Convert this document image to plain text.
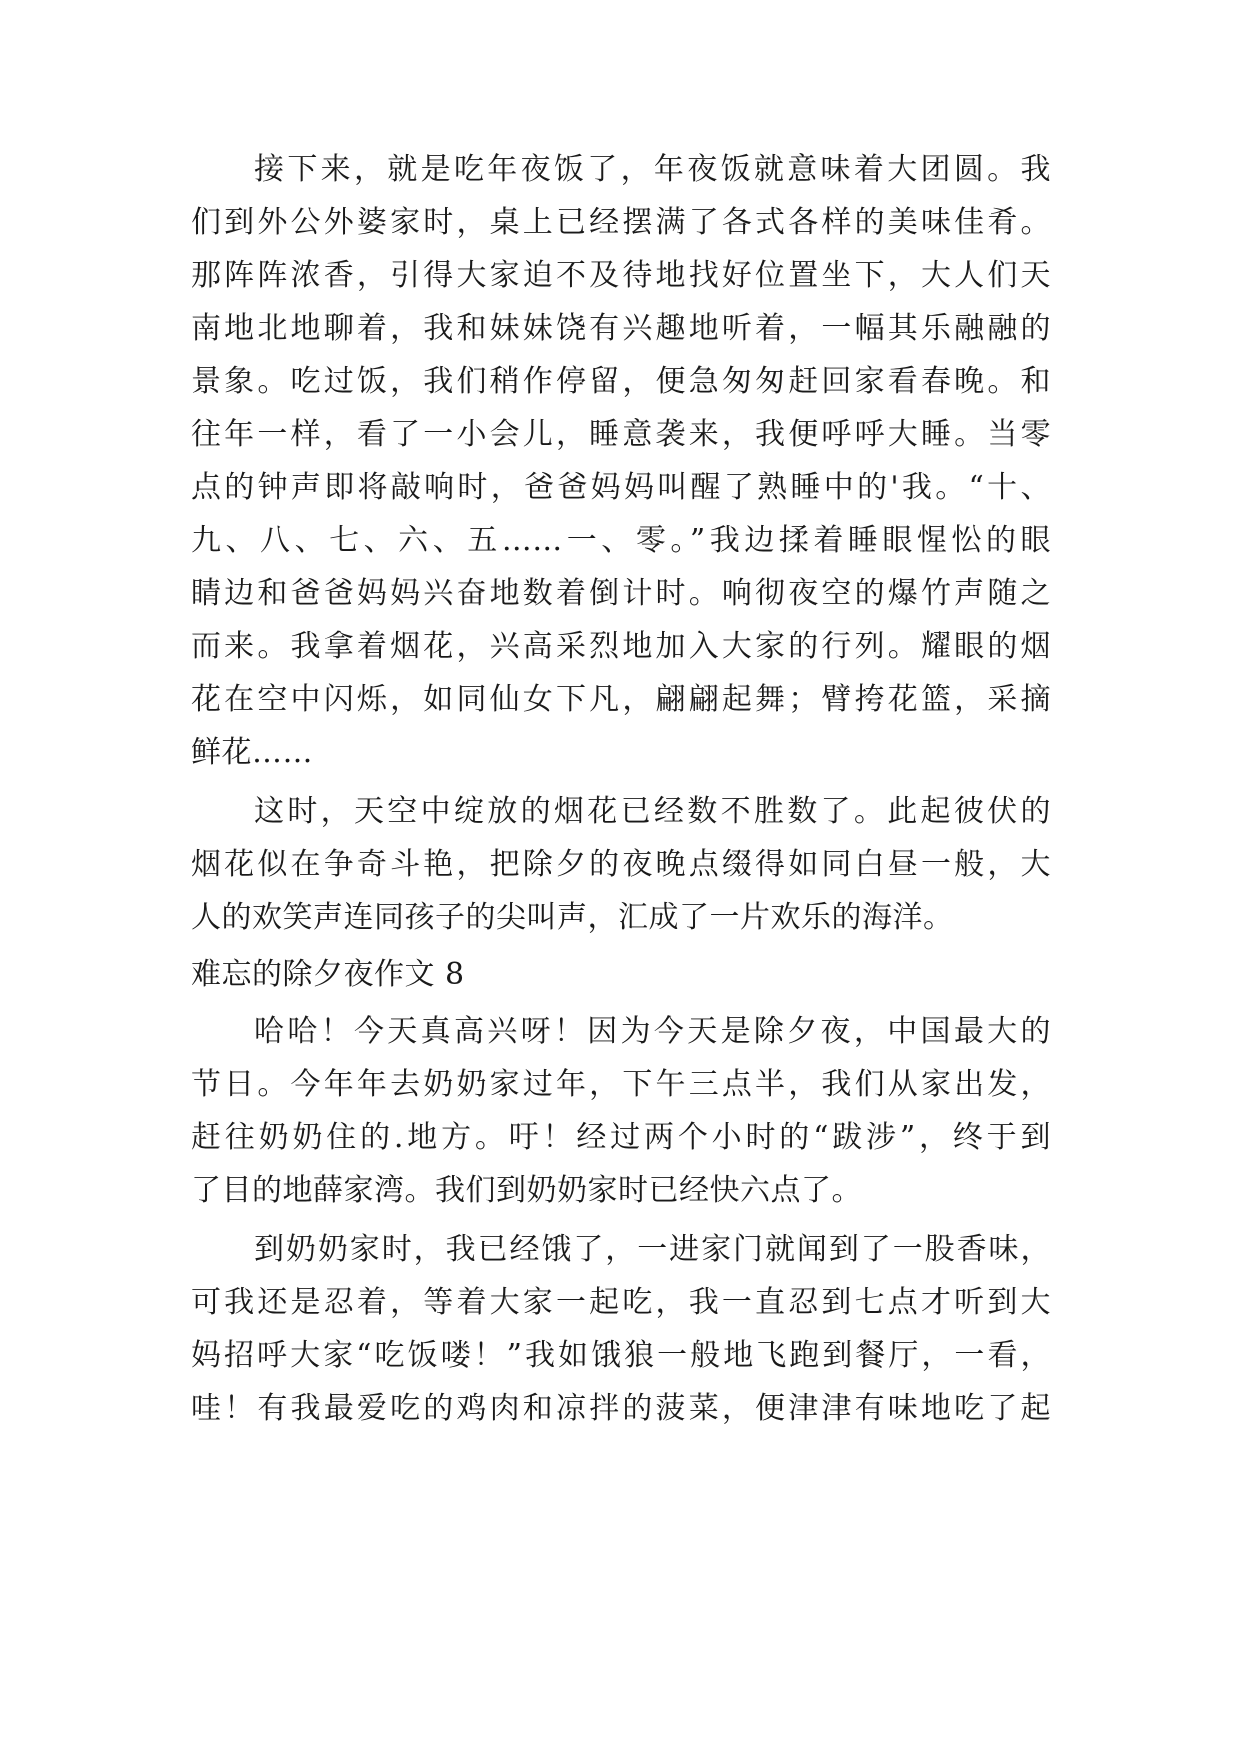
接下来，就是吃年夜饭了，年夜饭就意味着大团圆。我
们到外公外婆家时，桌上已经摆满了各式各样的美味佳肴。
那阵阵浓香，引得大家迫不及待地找好位置坐下，大人们天
南地北地聊着，我和妹妹饶有兴趣地听着，一幅其乐融融的
景象。吃过饭，我们稍作停留，便急匆匆赶回家看春晚。和
往年一样，看了一小会儿，睡意袭来，我便呼呼大睡。当零
点的钟声即将敲响时，爸爸妈妈叫醒了熟睡中的'我。“十、
九、八、七、六、五……一、零。”我边揉着睡眼惺忪的眼
睛边和爸爸妈妈兴奋地数着倒计时。响彻夜空的爆竹声随之
而来。我拿着烟花，兴高采烈地加入大家的行列。耀眼的烟
花在空中闪烁，如同仙女下凡，翩翩起舞；臂挎花篮，采摘
鲜花……
这时，天空中绽放的烟花已经数不胜数了。此起彼伏的
烟花似在争奇斗艳，把除夕的夜晚点缀得如同白昼一般，大
人的欢笑声连同孩子的尖叫声，汇成了一片欢乐的海洋。
难忘的除夕夜作文 8
哈哈！今天真高兴呀！因为今天是除夕夜，中国最大的
节日。今年年去奶奶家过年，下午三点半，我们从家出发，
赶往奶奶住的.地方。吁！经过两个小时的“跋涉”，终于到
了目的地薛家湾。我们到奶奶家时已经快六点了。
到奶奶家时，我已经饿了，一进家门就闻到了一股香味，
可我还是忍着，等着大家一起吃，我一直忍到七点才听到大
妈招呼大家“吃饭喽！”我如饿狼一般地飞跑到餐厅，一看，
哇！有我最爱吃的鸡肉和凉拌的菠菜，便津津有味地吃了起
